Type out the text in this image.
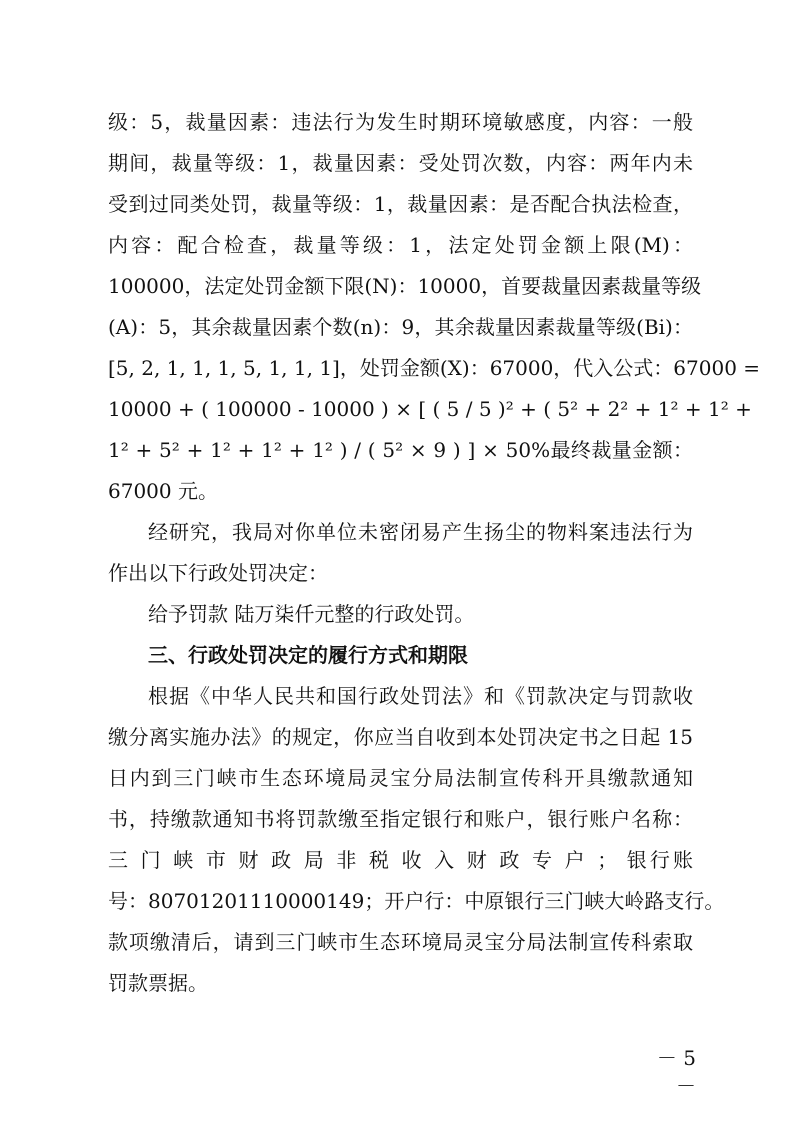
级：5，裁量因素：违法行为发生时期环境敏感度，内容：一般
期间，裁量等级：1，裁量因素：受处罚次数，内容：两年内未
受到过同类处罚，裁量等级：1，裁量因素：是否配合执法检查，
内容：配合检查，裁量等级：1，法定处罚金额上限(M)：
100000，法定处罚金额下限(N)：10000，首要裁量因素裁量等级
(A)：5，其余裁量因素个数(n)：9，其余裁量因素裁量等级(Bi)：
[5, 2, 1, 1, 1, 5, 1, 1, 1]，处罚金额(X)：67000，代入公式：67000 =
10000 + ( 100000 - 10000 ) × [ ( 5 / 5 )² + ( 5² + 2² + 1² + 1² +
1² + 5² + 1² + 1² + 1² ) / ( 5² × 9 ) ] × 50%最终裁量金额：
67000 元。
经研究，我局对你单位未密闭易产生扬尘的物料案违法行为
作出以下行政处罚决定：
给予罚款 陆万柒仟元整的行政处罚。
三、行政处罚决定的履行方式和期限
根据《中华人民共和国行政处罚法》和《罚款决定与罚款收
缴分离实施办法》的规定，你应当自收到本处罚决定书之日起 15
日内到三门峡市生态环境局灵宝分局法制宣传科开具缴款通知
书，持缴款通知书将罚款缴至指定银行和账户，银行账户名称：
三 门 峡 市 财 政 局 非 税 收 入 财 政 专 户 ； 银行账
号：80701201110000149；开户行：中原银行三门峡大岭路支行。
款项缴清后，请到三门峡市生态环境局灵宝分局法制宣传科索取
罚款票据。
－ 5 －
